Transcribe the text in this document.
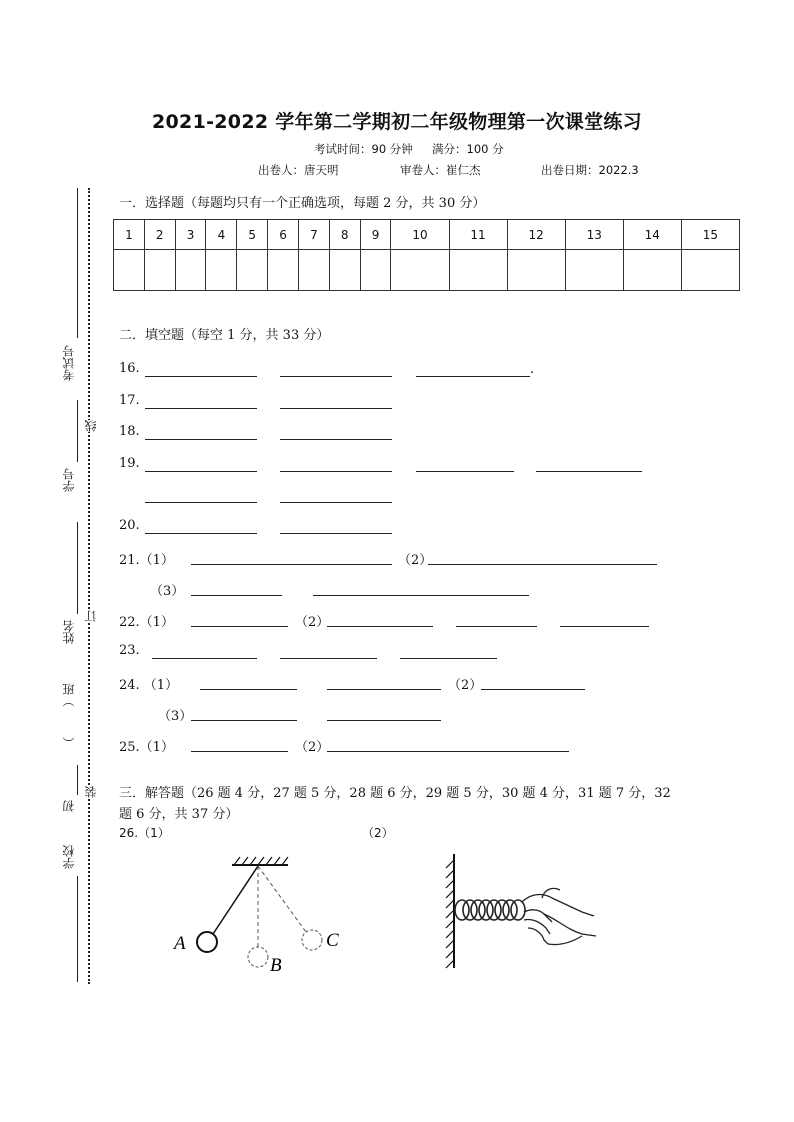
2021-2022 学年第二学期初二年级物理第一次课堂练习
考试时间：90 分钟 满分：100 分
出卷人：唐天明	审卷人：崔仁杰	出卷日期：2022.3
一．选择题（每题均只有一个正确选项，每题 2 分，共 30 分）
1	2	3	4	5	6	7	8	9	10	11	12	13	14	15

二．填空题（每空 1 分，共 33 分）
16.	.
17.
18.
19.
20.
21.（1）	（2）
（3）
22.（1）	（2）
23.
24. （1）	（2）
（3）
25.（1）	（2）
三．解答题（26 题 4 分，27 题 5 分，28 题 6 分，29 题 5 分，30 题 4 分，31 题 7 分，32
题 6 分，共 37 分）
26.（1）	（2）
A
B
C
考试号
学号
线
姓名
订
）班
（
初
装
学校
